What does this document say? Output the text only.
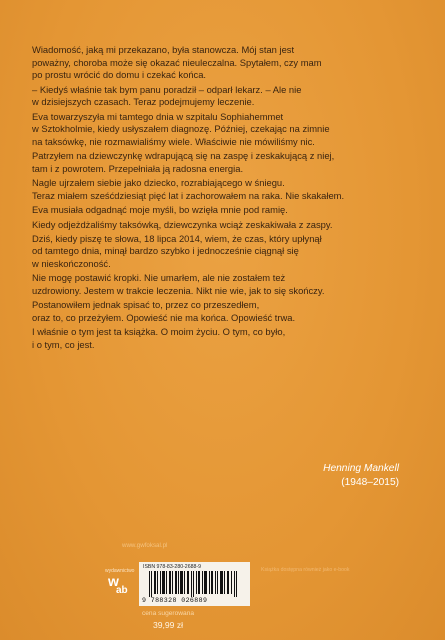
Wiadomość, jaką mi przekazano, była stanowcza. Mój stan jest
poważny, choroba może się okazać nieuleczalna. Spytałem, czy mam
po prostu wrócić do domu i czekać końca.
– Kiedyś właśnie tak bym panu poradził – odparł lekarz. – Ale nie
w dzisiejszych czasach. Teraz podejmujemy leczenie.
Eva towarzyszyła mi tamtego dnia w szpitalu Sophiahemmet
w Sztokholmie, kiedy usłyszałem diagnozę. Później, czekając na zimnie
na taksówkę, nie rozmawialiśmy wiele. Właściwie nie mówiliśmy nic.
Patrzyłem na dziewczynkę wdrapującą się na zaspę i zeskakującą z niej,
tam i z powrotem. Przepełniała ją radosna energia.
Nagle ujrzałem siebie jako dziecko, rozrabiającego w śniegu.
Teraz miałem sześćdziesiąt pięć lat i zachorowałem na raka. Nie skakałem.
Eva musiała odgadnąć moje myśli, bo wzięła mnie pod ramię.
Kiedy odjeżdżaliśmy taksówką, dziewczynka wciąż zeskakiwała z zaspy.
Dziś, kiedy piszę te słowa, 18 lipca 2014, wiem, że czas, który upłynął
od tamtego dnia, minął bardzo szybko i jednocześnie ciągnął się
w nieskończoność.
Nie mogę postawić kropki. Nie umarłem, ale nie zostałem też
uzdrowiony. Jestem w trakcie leczenia. Nikt nie wie, jak to się skończy.
Postanowiłem jednak spisać to, przez co przeszedłem,
oraz to, co przeżyłem. Opowieść nie ma końca. Opowieść trwa.
I właśnie o tym jest ta książka. O moim życiu. O tym, co było,
i o tym, co jest.
Henning Mankell
(1948–2015)
www.gwfoksal.pl
wydawnictwo
w
ab
ISBN 978-83-280-2688-9
9 788328 026889
Książka dostępna również jako e-book
cena sugerowana
39,99 zł
